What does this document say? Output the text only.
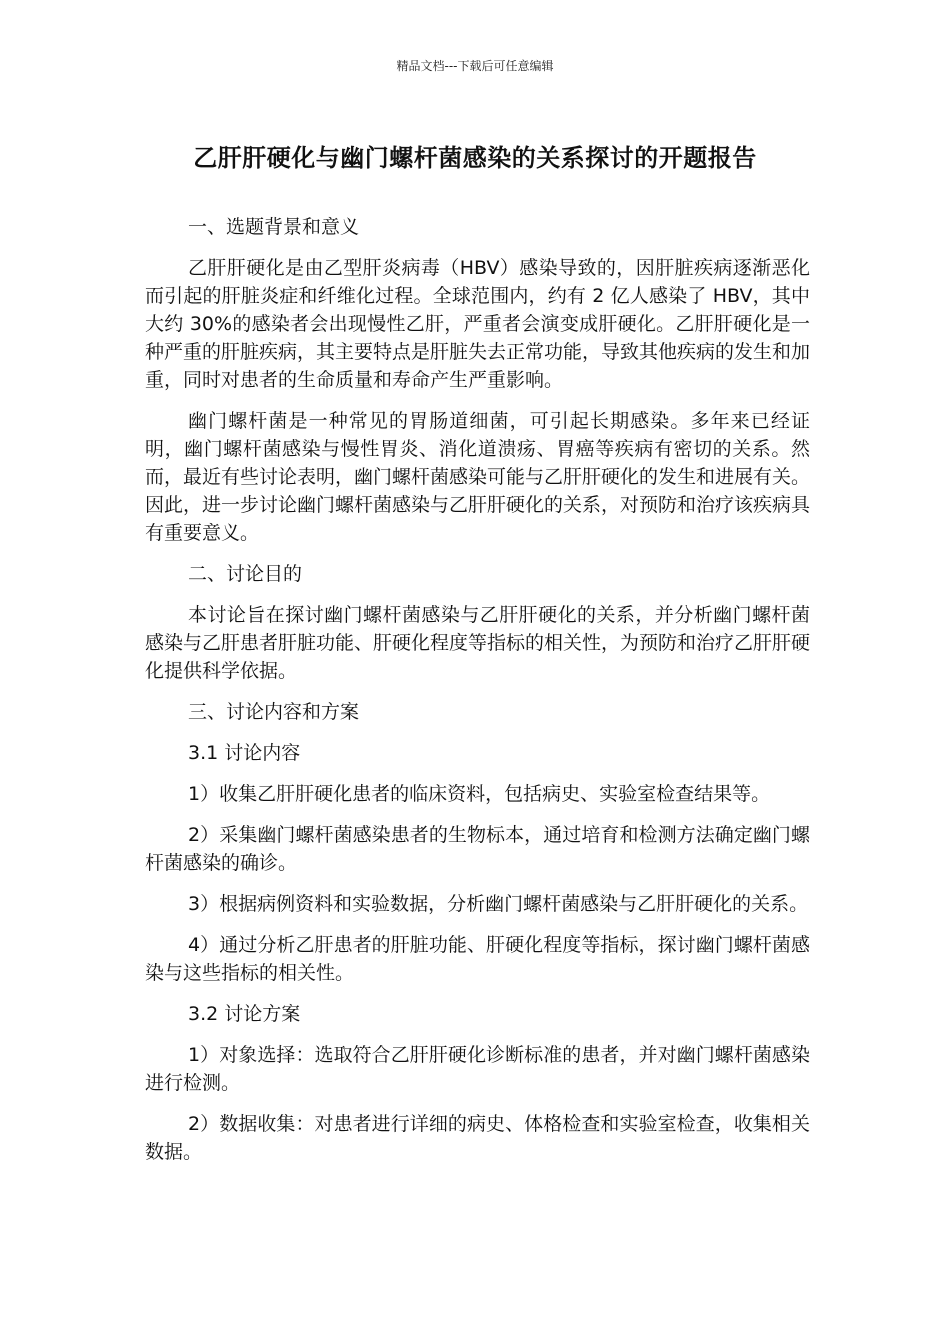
精品文档---下载后可任意编辑
乙肝肝硬化与幽门螺杆菌感染的关系探讨的开题报告

一、选题背景和意义

乙肝肝硬化是由乙型肝炎病毒（HBV）感染导致的，因肝脏疾病逐渐恶化而引起的肝脏炎症和纤维化过程。全球范围内，约有 2 亿人感染了 HBV，其中大约 30%的感染者会出现慢性乙肝，严重者会演变成肝硬化。乙肝肝硬化是一种严重的肝脏疾病，其主要特点是肝脏失去正常功能，导致其他疾病的发生和加重，同时对患者的生命质量和寿命产生严重影响。

幽门螺杆菌是一种常见的胃肠道细菌，可引起长期感染。多年来已经证明，幽门螺杆菌感染与慢性胃炎、消化道溃疡、胃癌等疾病有密切的关系。然而，最近有些讨论表明，幽门螺杆菌感染可能与乙肝肝硬化的发生和进展有关。因此，进一步讨论幽门螺杆菌感染与乙肝肝硬化的关系，对预防和治疗该疾病具有重要意义。

二、讨论目的

本讨论旨在探讨幽门螺杆菌感染与乙肝肝硬化的关系，并分析幽门螺杆菌感染与乙肝患者肝脏功能、肝硬化程度等指标的相关性，为预防和治疗乙肝肝硬化提供科学依据。

三、讨论内容和方案

3.1 讨论内容

1）收集乙肝肝硬化患者的临床资料，包括病史、实验室检查结果等。

2）采集幽门螺杆菌感染患者的生物标本，通过培育和检测方法确定幽门螺杆菌感染的确诊。

3）根据病例资料和实验数据，分析幽门螺杆菌感染与乙肝肝硬化的关系。

4）通过分析乙肝患者的肝脏功能、肝硬化程度等指标，探讨幽门螺杆菌感染与这些指标的相关性。

3.2 讨论方案

1）对象选择：选取符合乙肝肝硬化诊断标准的患者，并对幽门螺杆菌感染进行检测。

2）数据收集：对患者进行详细的病史、体格检查和实验室检查，收集相关数据。
